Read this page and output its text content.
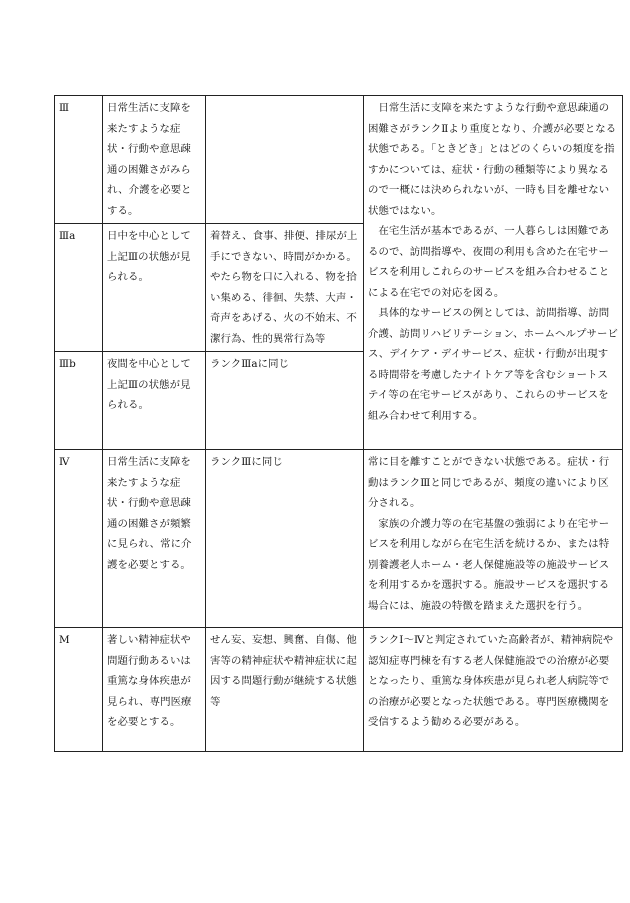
Ⅲ	日常生活に支障を来たすような症状・行動や意思疎通の困難さがみられ、介護を必要とする。		日常生活に支障を来たすような行動や意思疎通の困難さがランクⅡより重度となり、介護が必要となる状態である。「ときどき」とはどのくらいの頻度を指すかについては、症状・行動の種類等により異なるので一概には決められないが、一時も目を離せない状態ではない。

在宅生活が基本であるが、一人暮らしは困難であるので、訪問指導や、夜間の利用も含めた在宅サービスを利用しこれらのサービスを組み合わせることによる在宅での対応を図る。

具体的なサービスの例としては、訪問指導、訪問介護、訪問リハビリテーション、ホームヘルプサービス、デイケア・デイサービス、症状・行動が出現する時間帯を考慮したナイトケア等を含むショートステイ等の在宅サービスがあり、これらのサービスを組み合わせて利用する。

Ⅲa	日中を中心として上記Ⅲの状態が見られる。	着替え、食事、排便、排尿が上手にできない、時間がかかる。やたら物を口に入れる、物を拾い集める、徘徊、失禁、大声・奇声をあげる、火の不始末、不潔行為、性的異常行為等	
Ⅲb	夜間を中心として上記Ⅲの状態が見られる。	ランクⅢaに同じ	
Ⅳ	日常生活に支障を来たすような症状・行動や意思疎通の困難さが頻繁に見られ、常に介護を必要とする。	ランクⅢに同じ	常に目を離すことができない状態である。症状・行動はランクⅢと同じであるが、頻度の違いにより区分される。

家族の介護力等の在宅基盤の強弱により在宅サービスを利用しながら在宅生活を続けるか、または特別養護老人ホーム・老人保健施設等の施設サービスを利用するかを選択する。施設サービスを選択する場合には、施設の特徴を踏まえた選択を行う。

M	著しい精神症状や問題行動あるいは重篤な身体疾患が見られ、専門医療を必要とする。	せん妄、妄想、興奮、自傷、他害等の精神症状や精神症状に起因する問題行動が継続する状態等	ランクⅠ～Ⅳと判定されていた高齢者が、精神病院や認知症専門棟を有する老人保健施設での治療が必要となったり、重篤な身体疾患が見られ老人病院等での治療が必要となった状態である。専門医療機関を受信するよう勧める必要がある。
